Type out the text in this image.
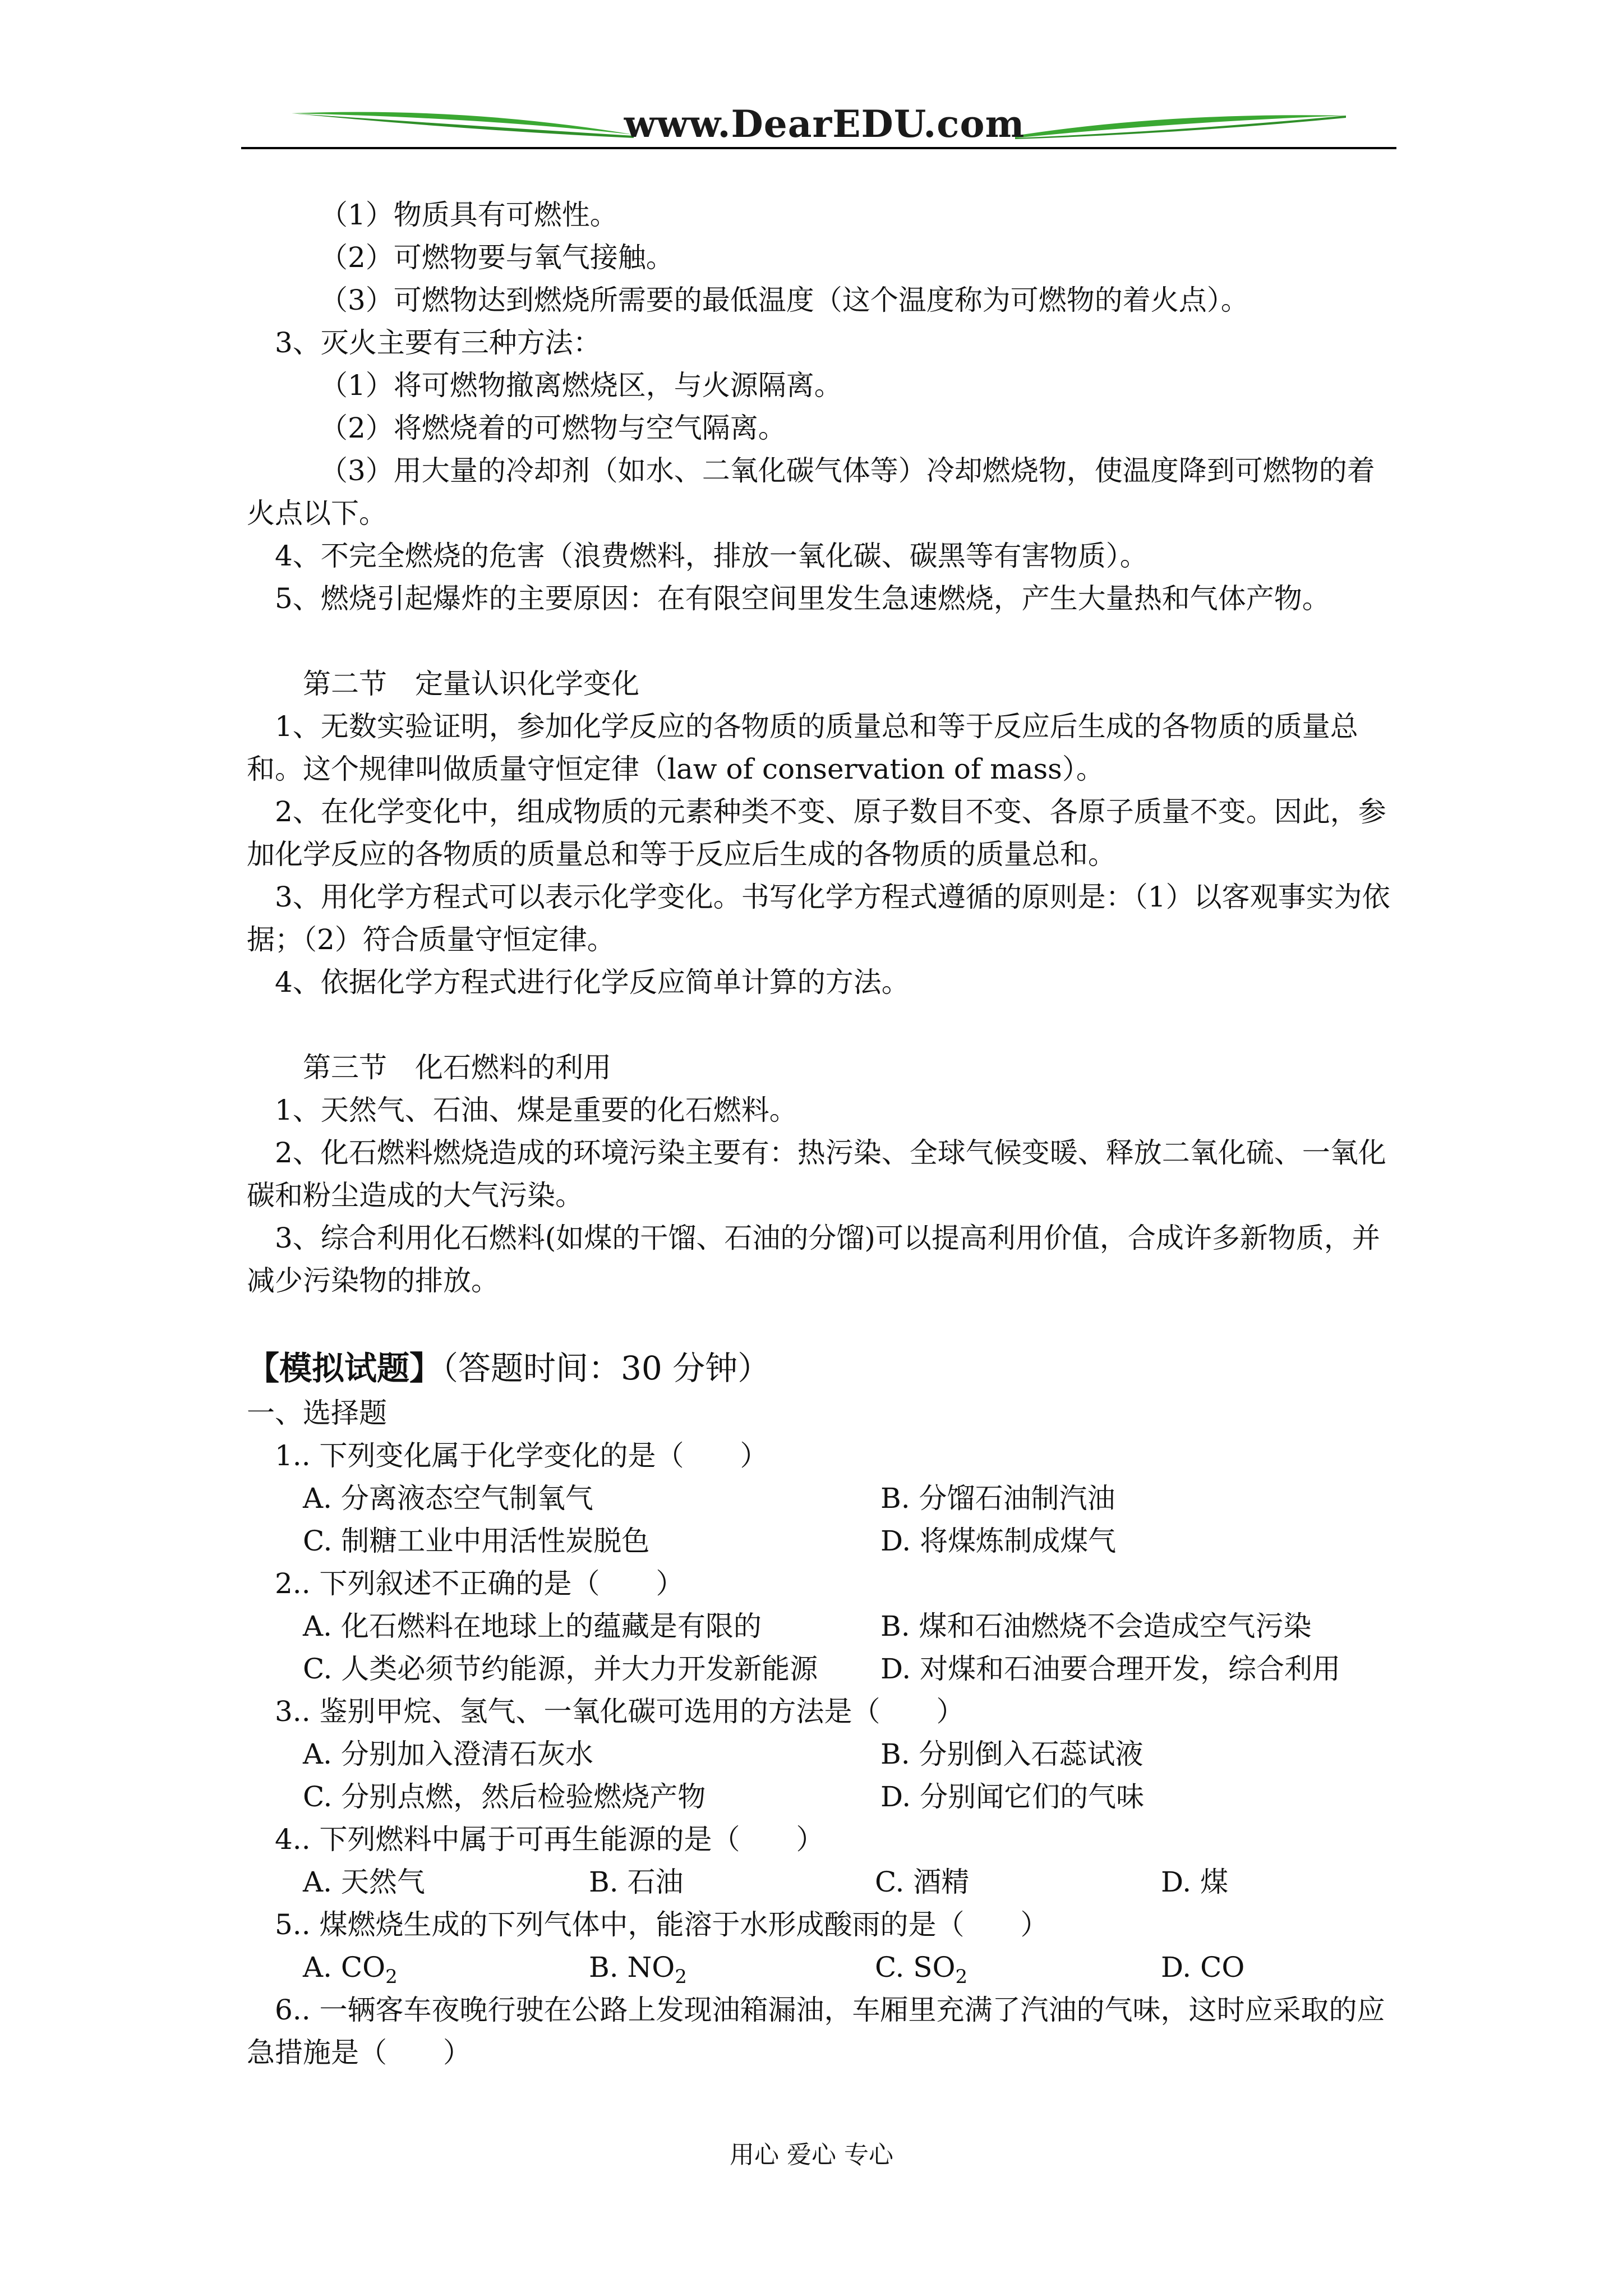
www.DearEDU.com

（1）物质具有可燃性。

（2）可燃物要与氧气接触。

（3）可燃物达到燃烧所需要的最低温度（这个温度称为可燃物的着火点）。

3、灭火主要有三种方法：

（1）将可燃物撤离燃烧区，与火源隔离。

（2）将燃烧着的可燃物与空气隔离。

（3）用大量的冷却剂（如水、二氧化碳气体等）冷却燃烧物，使温度降到可燃物的着火点以下。

4、不完全燃烧的危害（浪费燃料，排放一氧化碳、碳黑等有害物质）。

5、燃烧引起爆炸的主要原因：在有限空间里发生急速燃烧，产生大量热和气体产物。

第二节　定量认识化学变化

1、无数实验证明，参加化学反应的各物质的质量总和等于反应后生成的各物质的质量总和。这个规律叫做质量守恒定律（law of conservation of mass）。

2、在化学变化中，组成物质的元素种类不变、原子数目不变、各原子质量不变。因此，参加化学反应的各物质的质量总和等于反应后生成的各物质的质量总和。

3、用化学方程式可以表示化学变化。书写化学方程式遵循的原则是：（1）以客观事实为依据；（2）符合质量守恒定律。

4、依据化学方程式进行化学反应简单计算的方法。

第三节　化石燃料的利用

1、天然气、石油、煤是重要的化石燃料。

2、化石燃料燃烧造成的环境污染主要有：热污染、全球气候变暖、释放二氧化硫、一氧化碳和粉尘造成的大气污染。

3、综合利用化石燃料(如煤的干馏、石油的分馏)可以提高利用价值，合成许多新物质，并减少污染物的排放。

【模拟试题】（答题时间：30 分钟）

一、选择题

1.. 下列变化属于化学变化的是（　　）

A. 分离液态空气制氧气	B. 分馏石油制汽油
C. 制糖工业中用活性炭脱色	D. 将煤炼制成煤气

2.. 下列叙述不正确的是（　　）

A. 化石燃料在地球上的蕴藏是有限的	B. 煤和石油燃烧不会造成空气污染
C. 人类必须节约能源，并大力开发新能源	D. 对煤和石油要合理开发，综合利用

3.. 鉴别甲烷、氢气、一氧化碳可选用的方法是（　　）

A. 分别加入澄清石灰水	B. 分别倒入石蕊试液
C. 分别点燃，然后检验燃烧产物	D. 分别闻它们的气味

4.. 下列燃料中属于可再生能源的是（　　）

A. 天然气	B. 石油	C. 酒精	D. 煤

5.. 煤燃烧生成的下列气体中，能溶于水形成酸雨的是（　　）

A. $CO_2$	B. $NO_2$	C. $SO_2$	D. CO

6.. 一辆客车夜晚行驶在公路上发现油箱漏油，车厢里充满了汽油的气味，这时应采取的应急措施是（　　）

用心 爱心 专心
